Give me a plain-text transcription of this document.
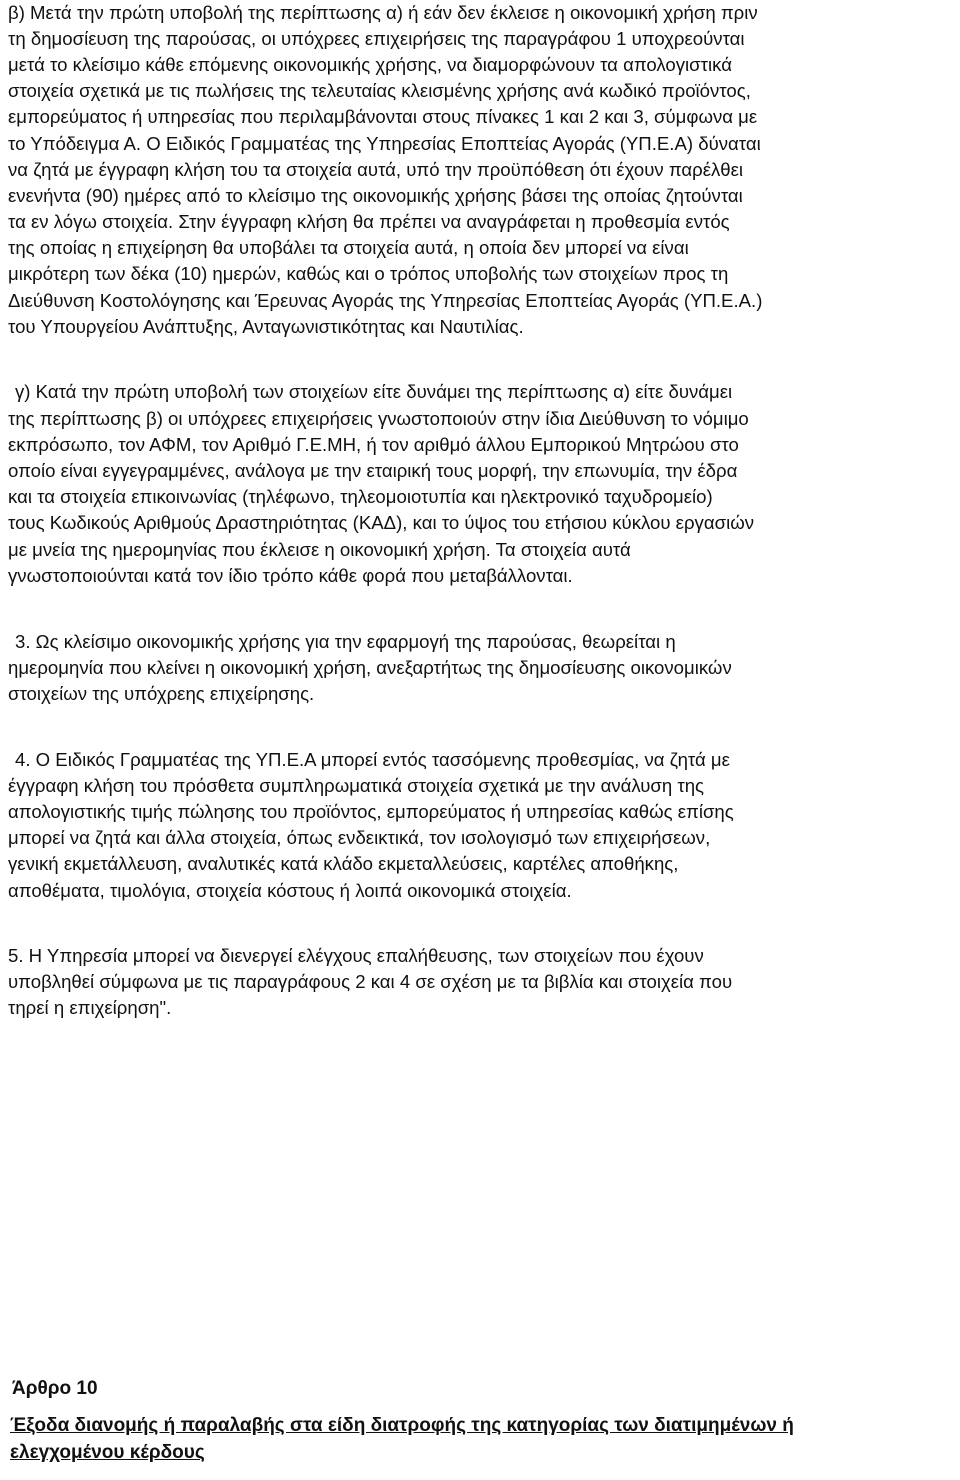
β) Μετά την πρώτη υποβολή της περίπτωσης α) ή εάν δεν έκλεισε η οικονομική χρήση πριν
τη δημοσίευση της παρούσας, οι υπόχρεες επιχειρήσεις της παραγράφου 1 υποχρεούνται
μετά το κλείσιμο κάθε επόμενης οικονομικής χρήσης, να διαμορφώνουν τα απολογιστικά
στοιχεία σχετικά με τις πωλήσεις της τελευταίας κλεισμένης χρήσης ανά κωδικό προϊόντος,
εμπορεύματος ή υπηρεσίας που περιλαμβάνονται στους πίνακες 1 και 2 και 3, σύμφωνα με
το Υπόδειγμα Α. Ο Ειδικός Γραμματέας της Υπηρεσίας Εποπτείας Αγοράς (ΥΠ.Ε.Α) δύναται
να ζητά με έγγραφη κλήση του τα στοιχεία αυτά, υπό την προϋπόθεση ότι έχουν παρέλθει
ενενήντα (90) ημέρες από το κλείσιμο της οικονομικής χρήσης βάσει της οποίας ζητούνται
τα εν λόγω στοιχεία. Στην έγγραφη κλήση θα πρέπει να αναγράφεται η προθεσμία εντός
της οποίας η επιχείρηση θα υποβάλει τα στοιχεία αυτά, η οποία δεν μπορεί να είναι
μικρότερη των δέκα (10) ημερών, καθώς και ο τρόπος υποβολής των στοιχείων προς τη
Διεύθυνση Κοστολόγησης και Έρευνας Αγοράς της Υπηρεσίας Εποπτείας Αγοράς (ΥΠ.Ε.Α.)
του Υπουργείου Ανάπτυξης, Ανταγωνιστικότητας και Ναυτιλίας.
γ) Κατά την πρώτη υποβολή των στοιχείων είτε δυνάμει της περίπτωσης α) είτε δυνάμει
της περίπτωσης β) οι υπόχρεες επιχειρήσεις γνωστοποιούν στην ίδια Διεύθυνση το νόμιμο
εκπρόσωπο, τον ΑΦΜ, τον Αριθμό Γ.Ε.ΜΗ, ή τον αριθμό άλλου Εμπορικού Μητρώου στο
οποίο είναι εγγεγραμμένες, ανάλογα με την εταιρική τους μορφή, την επωνυμία, την έδρα
και τα στοιχεία επικοινωνίας (τηλέφωνο, τηλεομοιοτυπία και ηλεκτρονικό ταχυδρομείο)
τους Κωδικούς Αριθμούς Δραστηριότητας (ΚΑΔ), και το ύψος του ετήσιου κύκλου εργασιών
με μνεία της ημερομηνίας που έκλεισε η οικονομική χρήση. Τα στοιχεία αυτά
γνωστοποιούνται κατά τον ίδιο τρόπο κάθε φορά που μεταβάλλονται.
3. Ως κλείσιμο οικονομικής χρήσης για την εφαρμογή της παρούσας, θεωρείται η
ημερομηνία που κλείνει η οικονομική χρήση, ανεξαρτήτως της δημοσίευσης οικονομικών
στοιχείων της υπόχρεης επιχείρησης.
4. Ο Ειδικός Γραμματέας της ΥΠ.Ε.Α μπορεί εντός τασσόμενης προθεσμίας, να ζητά με
έγγραφη κλήση του πρόσθετα συμπληρωματικά στοιχεία σχετικά με την ανάλυση της
απολογιστικής τιμής πώλησης του προϊόντος, εμπορεύματος ή υπηρεσίας καθώς επίσης
μπορεί να ζητά και άλλα στοιχεία, όπως ενδεικτικά, τον ισολογισμό των επιχειρήσεων,
γενική εκμετάλλευση, αναλυτικές κατά κλάδο εκμεταλλεύσεις, καρτέλες αποθήκης,
αποθέματα, τιμολόγια, στοιχεία κόστους ή λοιπά οικονομικά στοιχεία.
5. Η Υπηρεσία μπορεί να διενεργεί ελέγχους επαλήθευσης, των στοιχείων που έχουν
υποβληθεί σύμφωνα με τις παραγράφους 2 και 4 σε σχέση με τα βιβλία και στοιχεία που
τηρεί η επιχείρηση".
Άρθρο 10
Έξοδα διανομής ή παραλαβής στα είδη διατροφής της κατηγορίας των διατιμημένων ή
ελεγχομένου κέρδους
